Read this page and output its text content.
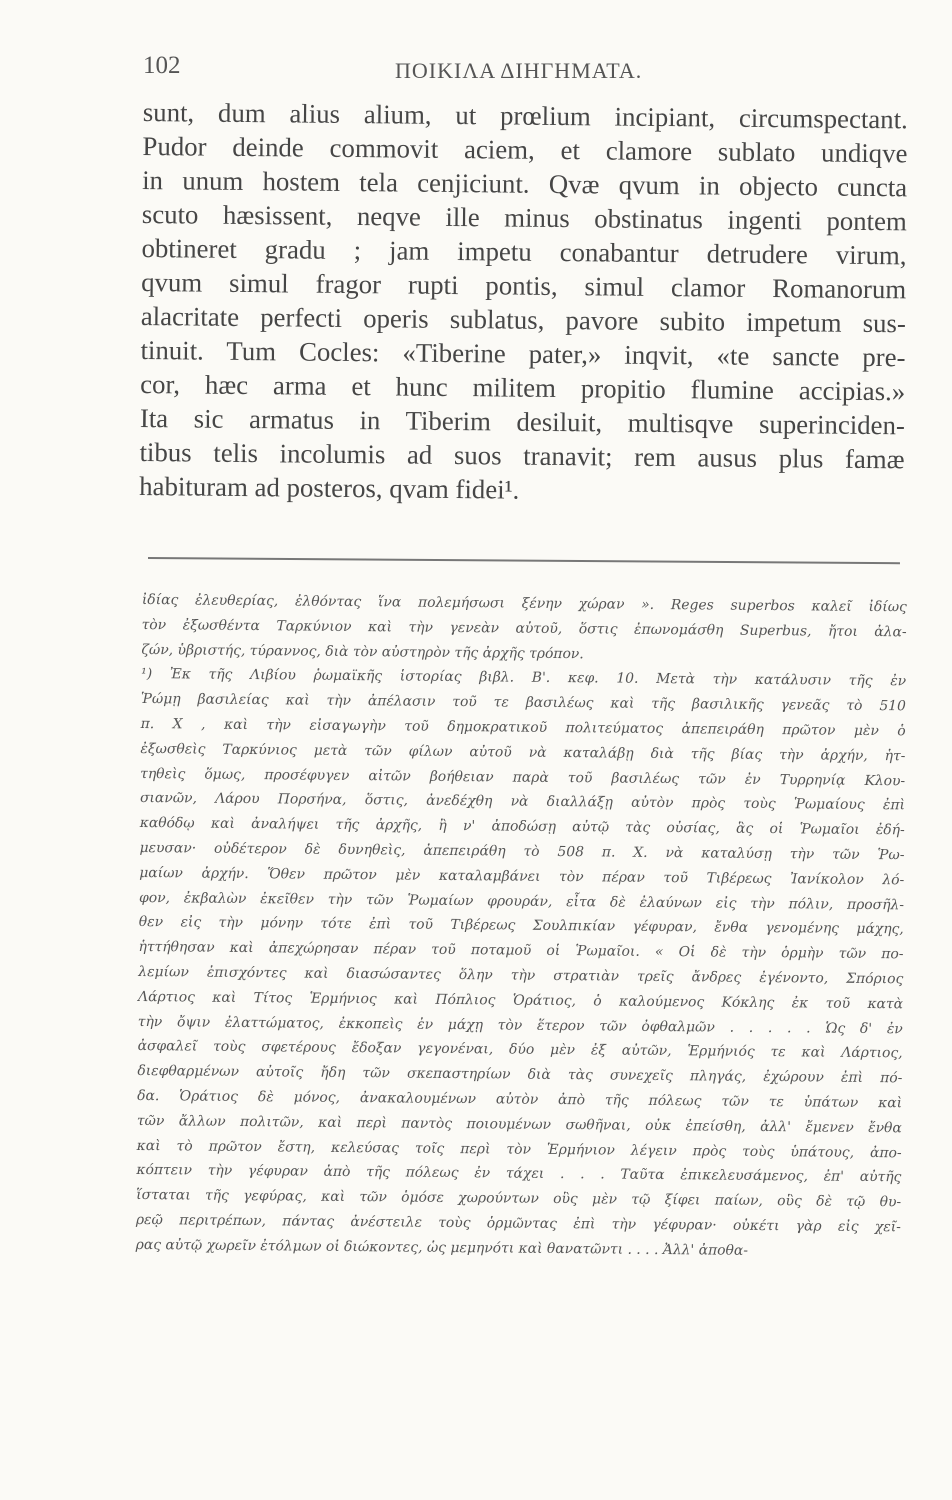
102	ΠΟΙΚΙΛΑ ΔΙΗΓΗΜΑΤΑ.
sunt, dum alius alium, ut prœlium incipiant, circumspectant.
Pudor deinde commovit aciem, et clamore sublato undiqve
in unum hostem tela cenjiciunt. Qvæ qvum in objecto cuncta
scuto hæsissent, neqve ille minus obstinatus ingenti pontem
obtineret gradu ; jam impetu conabantur detrudere virum,
qvum simul fragor rupti pontis, simul clamor Romanorum
alacritate perfecti operis sublatus, pavore subito impetum sus-
tinuit. Tum Cocles: «Tiberine pater,» inqvit, «te sancte pre-
cor, hæc arma et hunc militem propitio flumine accipias.»
Ita sic armatus in Tiberim desiluit, multisqve superinciden-
tibus telis incolumis ad suos tranavit; rem ausus plus famæ
habituram ad posteros, qvam fidei¹.
ἰδίας ἐλευθερίας, ἐλθόντας ἵνα πολεμήσωσι ξένην χώραν ». Reges superbos καλεῖ ἰδίως
τὸν ἐξωσθέντα Ταρκύνιον καὶ τὴν γενεὰν αὐτοῦ, ὅστις ἐπωνομάσθη Superbus, ἤτοι ἀλα-
ζών, ὑβριστής, τύραννος, διὰ τὸν αὐστηρὸν τῆς ἀρχῆς τρόπον.
¹) Ἐκ τῆς Λιβίου ῥωμαϊκῆς ἱστορίας βιβλ. Β'. κεφ. 10. Μετὰ τὴν κατάλυσιν τῆς ἐν
Ῥώμῃ βασιλείας καὶ τὴν ἀπέλασιν τοῦ τε βασιλέως καὶ τῆς βασιλικῆς γενεᾶς τὸ 510
π. Χ , καὶ τὴν εἰσαγωγὴν τοῦ δημοκρατικοῦ πολιτεύματος ἀπεπειράθη πρῶτον μὲν ὁ
ἐξωσθεὶς Ταρκύνιος μετὰ τῶν φίλων αὐτοῦ νὰ καταλάβῃ διὰ τῆς βίας τὴν ἀρχήν, ἡτ-
τηθεὶς ὅμως, προσέφυγεν αἰτῶν βοήθειαν παρὰ τοῦ βασιλέως τῶν ἐν Τυρρηνίᾳ Κλου-
σιανῶν, Λάρου Πορσήνα, ὅστις, ἀνεδέχθη νὰ διαλλάξῃ αὐτὸν πρὸς τοὺς Ῥωμαίους ἐπὶ
καθόδῳ καὶ ἀναλήψει τῆς ἀρχῆς, ἢ ν' ἀποδώσῃ αὐτῷ τὰς οὐσίας, ἃς οἱ Ῥωμαῖοι ἐδή-
μευσαν· οὐδέτερον δὲ δυνηθεὶς, ἀπεπειράθη τὸ 508 π. Χ. νὰ καταλύσῃ τὴν τῶν Ῥω-
μαίων ἀρχήν. Ὅθεν πρῶτον μὲν καταλαμβάνει τὸν πέραν τοῦ Τιβέρεως Ἰανίκολον λό-
φον, ἐκβαλὼν ἐκεῖθεν τὴν τῶν Ῥωμαίων φρουράν, εἶτα δὲ ἐλαύνων εἰς τὴν πόλιν, προσῆλ-
θεν εἰς τὴν μόνην τότε ἐπὶ τοῦ Τιβέρεως Σουλπικίαν γέφυραν, ἔνθα γενομένης μάχης,
ἡττήθησαν καὶ ἀπεχώρησαν πέραν τοῦ ποταμοῦ οἱ Ῥωμαῖοι. « Οἱ δὲ τὴν ὁρμὴν τῶν πο-
λεμίων ἐπισχόντες καὶ διασώσαντες ὅλην τὴν στρατιὰν τρεῖς ἄνδρες ἐγένοντο, Σπόριος
Λάρτιος καὶ Τίτος Ἑρμήνιος καὶ Πόπλιος Ὁράτιος, ὁ καλούμενος Κόκλης ἐκ τοῦ κατὰ
τὴν ὄψιν ἐλαττώματος, ἐκκοπεὶς ἐν μάχῃ τὸν ἕτερον τῶν ὀφθαλμῶν . . . . . Ὡς δ' ἐν
ἀσφαλεῖ τοὺς σφετέρους ἔδοξαν γεγονέναι, δύο μὲν ἐξ αὐτῶν, Ἑρμήνιός τε καὶ Λάρτιος,
διεφθαρμένων αὐτοῖς ἤδη τῶν σκεπαστηρίων διὰ τὰς συνεχεῖς πληγάς, ἐχώρουν ἐπὶ πό-
δα. Ὁράτιος δὲ μόνος, ἀνακαλουμένων αὐτὸν ἀπὸ τῆς πόλεως τῶν τε ὑπάτων καὶ
τῶν ἄλλων πολιτῶν, καὶ περὶ παντὸς ποιουμένων σωθῆναι, οὐκ ἐπείσθη, ἀλλ' ἔμενεν ἔνθα
καὶ τὸ πρῶτον ἔστη, κελεύσας τοῖς περὶ τὸν Ἑρμήνιον λέγειν πρὸς τοὺς ὑπάτους, ἀπο-
κόπτειν τὴν γέφυραν ἀπὸ τῆς πόλεως ἐν τάχει . . . Ταῦτα ἐπικελευσάμενος, ἐπ' αὐτῆς
ἵσταται τῆς γεφύρας, καὶ τῶν ὁμόσε χωρούντων οὓς μὲν τῷ ξίφει παίων, οὓς δὲ τῷ θυ-
ρεῷ περιτρέπων, πάντας ἀνέστειλε τοὺς ὁρμῶντας ἐπὶ τὴν γέφυραν· οὐκέτι γὰρ εἰς χεῖ-
ρας αὐτῷ χωρεῖν ἐτόλμων οἱ διώκοντες, ὡς μεμηνότι καὶ θανατῶντι . . . . Ἀλλ' ἀποθα-
